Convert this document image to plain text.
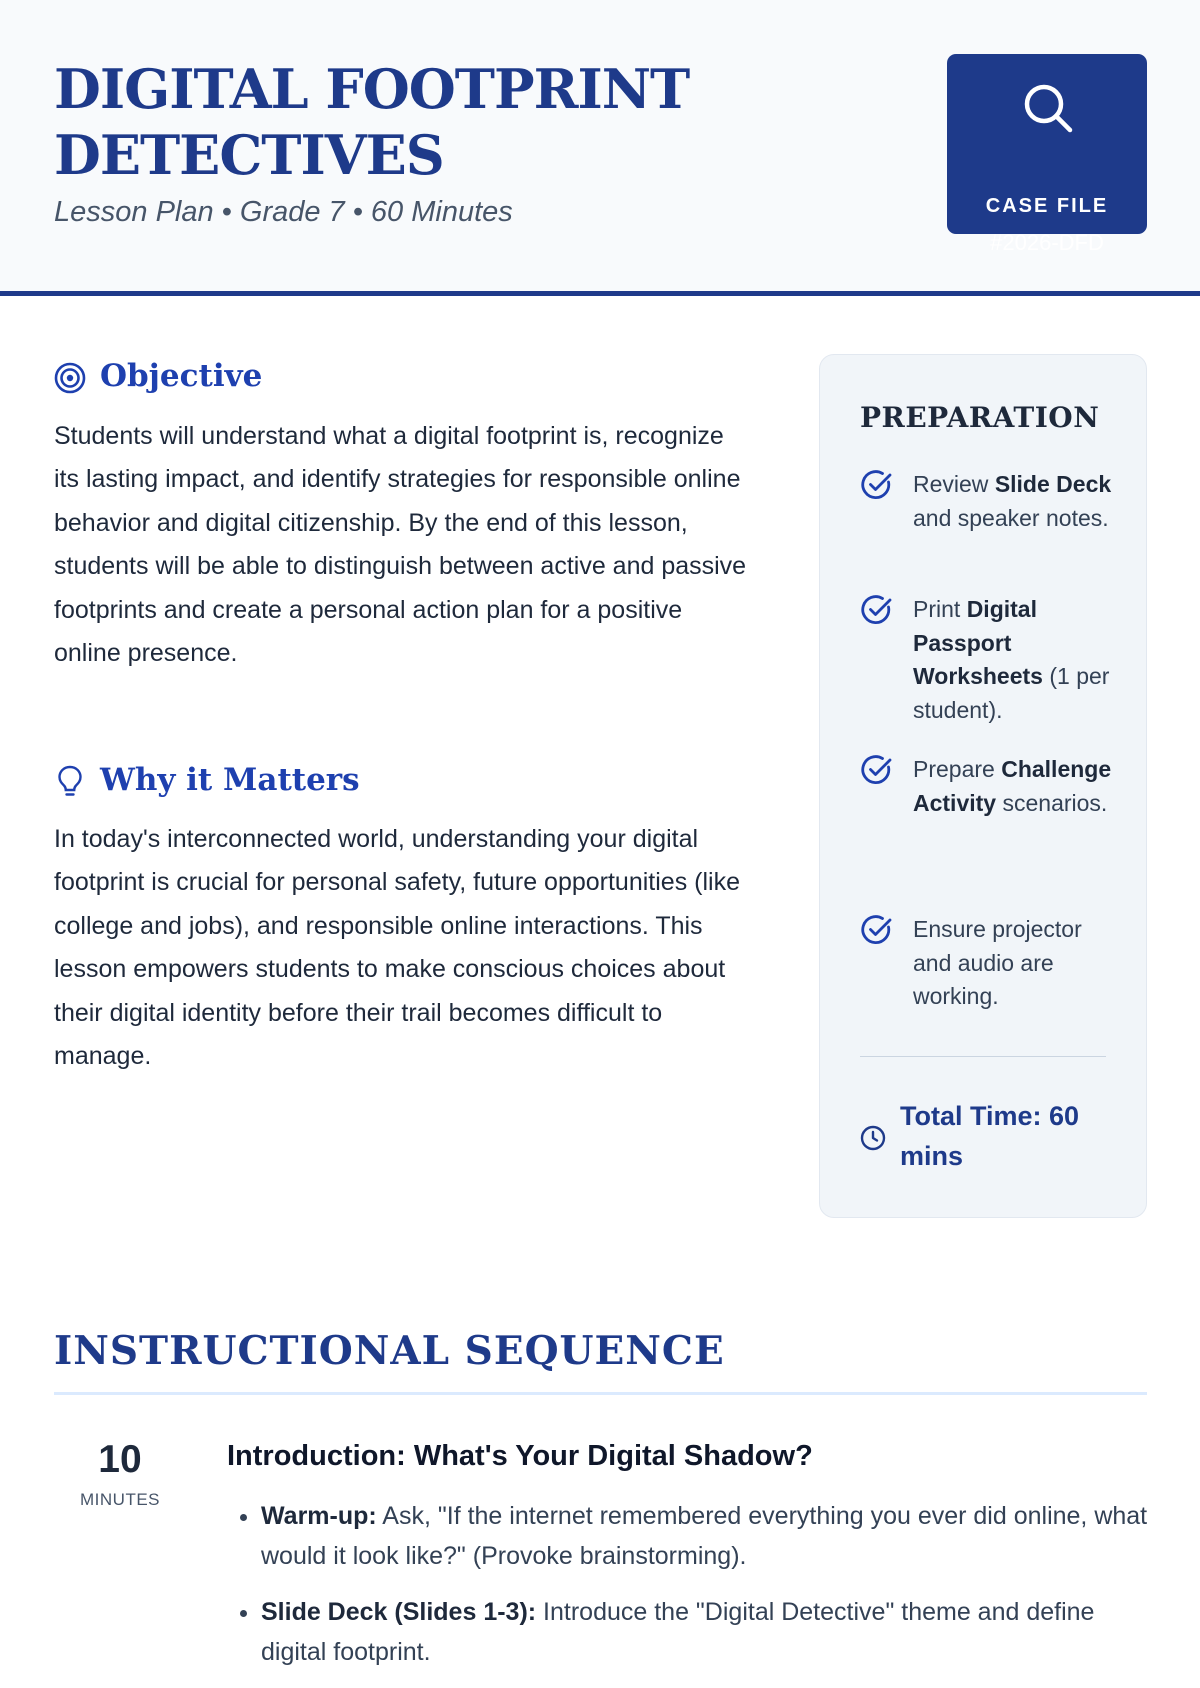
DIGITAL FOOTPRINT
DETECTIVES

Lesson Plan • Grade 7 • 60 Minutes	CASE FILE
#2026-DFD
Objective

Students will understand what a digital footprint is, recognize its lasting impact, and identify strategies for responsible online behavior and digital citizenship. By the end of this lesson, students will be able to distinguish between active and passive footprints and create a personal action plan for a positive online presence.

Why it Matters

In today's interconnected world, understanding your digital footprint is crucial for personal safety, future opportunities (like college and jobs), and responsible online interactions. This lesson empowers students to make conscious choices about their digital identity before their trail becomes difficult to manage.

PREPARATION
Review Slide Deck and speaker notes.
Print Digital Passport Worksheets (1 per student).
Prepare Challenge Activity scenarios.
Ensure projector and audio are working.
Total Time: 60 mins
INSTRUCTIONAL SEQUENCE
10
MINUTES
Introduction: What's Your Digital Shadow?
• Warm-up: Ask, "If the internet remembered everything you ever did online, what would it look like?" (Provoke brainstorming).
• Slide Deck (Slides 1-3): Introduce the "Digital Detective" theme and define digital footprint.
